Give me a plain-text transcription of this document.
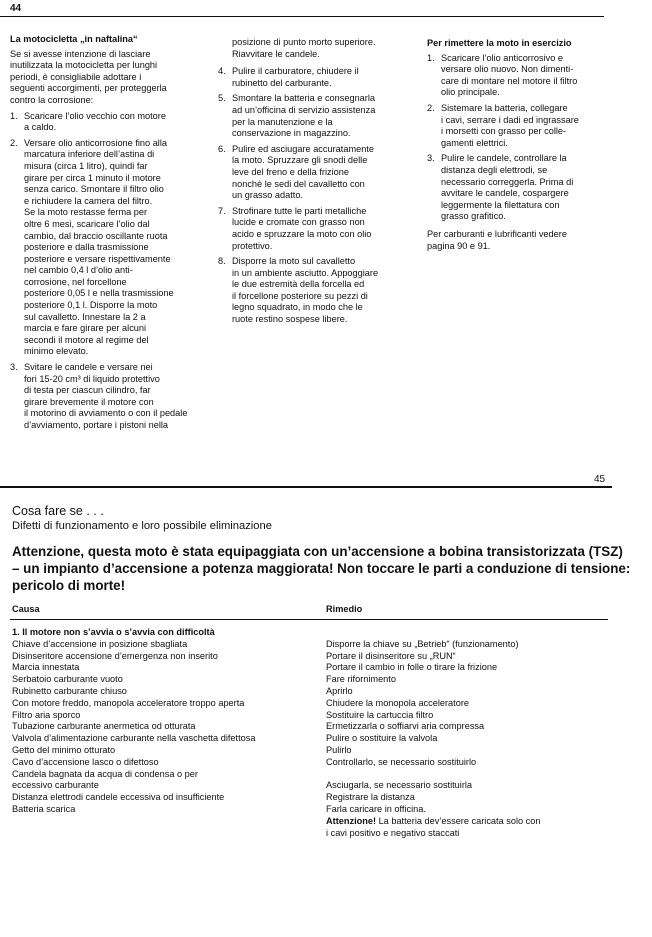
44
La motocicletta „in naftalina“

Se si avesse intenzione di lasciare
inutilizzata la motocicletta per lunghi
periodi, è consigliabile adottare i
seguenti accorgimenti, per proteggerla
contro la corrosione:

1. Scaricare l’olio vecchio con motore
a caldo.
2. Versare olio anticorrosione fino alla
marcatura inferiore dell’astina di
misura (circa 1 litro), quindi far
girare per circa 1 minuto il motore
senza carico. Smontare il filtro olio
e richiudere la camera del filtro.
Se la moto restasse ferma per
oltre 6 mesi, scaricare l’olio dal
cambio, dal braccio oscillante ruota
posteriore e dalla trasmissione
posteriore e versare rispettivamente
nel cambio 0,4 l d’olio anti-
corrosione, nel forcellone
posteriore 0,05 l e nella trasmissione
posteriore 0,1 l. Disporre la moto
sul cavalletto. Innestare la 2 a
marcia e fare girare per alcuni
secondi il motore al regime del
minimo elevato.
3. Svitare le candele e versare nei
fori 15-20 cm³ di liquido protettivo
di testa per ciascun cilindro, far
girare brevemente il motore con
il motorino di avviamento o con il pedale
d’avviamento, portare i pistoni nella

posizione di punto morto superiore.
Riavvitare le candele.

4. Pulire il carburatore, chiudere il
rubinetto del carburante.
5. Smontare la batteria e consegnarla
ad un’officina di servizio assistenza
per la manutenzione e la
conservazione in magazzino.
6. Pulire ed asciugare accuratamente
la moto. Spruzzare gli snodi delle
leve del freno e della frizione
nonchè le sedi del cavalletto con
un grasso adatto.
7. Strofinare tutte le parti metalliche
lucide e cromate con grasso non
acido e spruzzare la moto con olio
protettivo.
8. Disporre la moto sul cavalletto
in un ambiente asciutto. Appoggiare
le due estremità della forcella ed
il forcellone posteriore su pezzi di
legno squadrato, in modo che le
ruote restino sospese libere.
Per rimettere la moto in esercizio
1. Scaricare l’olio anticorrosivo e
versare olio nuovo. Non dimenti-
care di montare nel motore il filtro
olio principale.
2. Sistemare la batteria, collegare
i cavi, serrare i dadi ed ingrassare
i morsetti con grasso per colle-
gamenti elettrici.
3. Pulire le candele, controllare la
distanza degli elettrodi, se
necessario correggerla. Prima di
avvitare le candele, cospargere
leggermente la filettatura con
grasso grafitico.

Per carburanti e lubrificanti vedere
pagina 90 e 91.

45
Cosa fare se . . .
Difetti di funzionamento e loro possibile eliminazione
Attenzione, questa moto è stata equipaggiata con un’accensione a bobina transistorizzata (TSZ)
– un impianto d’accensione a potenza maggiorata! Non toccare le parti a conduzione di tensione:
pericolo di morte!
Causa	Rimedio
1. Il motore non s’avvia o s’avvia con difficoltà
Chiave d’accensione in posizione sbagliata
Disinseritore accensione d’emergenza non inserito
Marcia innestata
Serbatoio carburante vuoto
Rubinetto carburante chiuso
Con motore freddo, manopola acceleratore troppo aperta
Filtro aria sporco
Tubazione carburante anermetica od otturata
Valvola d’alimentazione carburante nella vaschetta difettosa
Getto del minimo otturato
Cavo d’accensione lasco o difettoso
Candela bagnata da acqua di condensa o per
eccessivo carburante
Distanza elettrodi candele eccessiva od insufficiente
Batteria scarica

Disporre la chiave su „Betrieb“ (funzionamento)
Portare il disinseritore su „RUN“
Portare il cambio in folle o tirare la frizione
Fare rifornimento
Aprirlo
Chiudere la monopola acceleratore
Sostituire la cartuccia filtro
Ermetizzarla o soffiarvi aria compressa
Pulire o sostituire la valvola
Pulirlo
Controllarlo, se necessario sostituirlo

Asciugarla, se necessario sostituirla
Registrare la distanza
Farla caricare in officina.
Attenzione! La batteria dev’essere caricata solo con
i cavi positivo e negativo staccati
